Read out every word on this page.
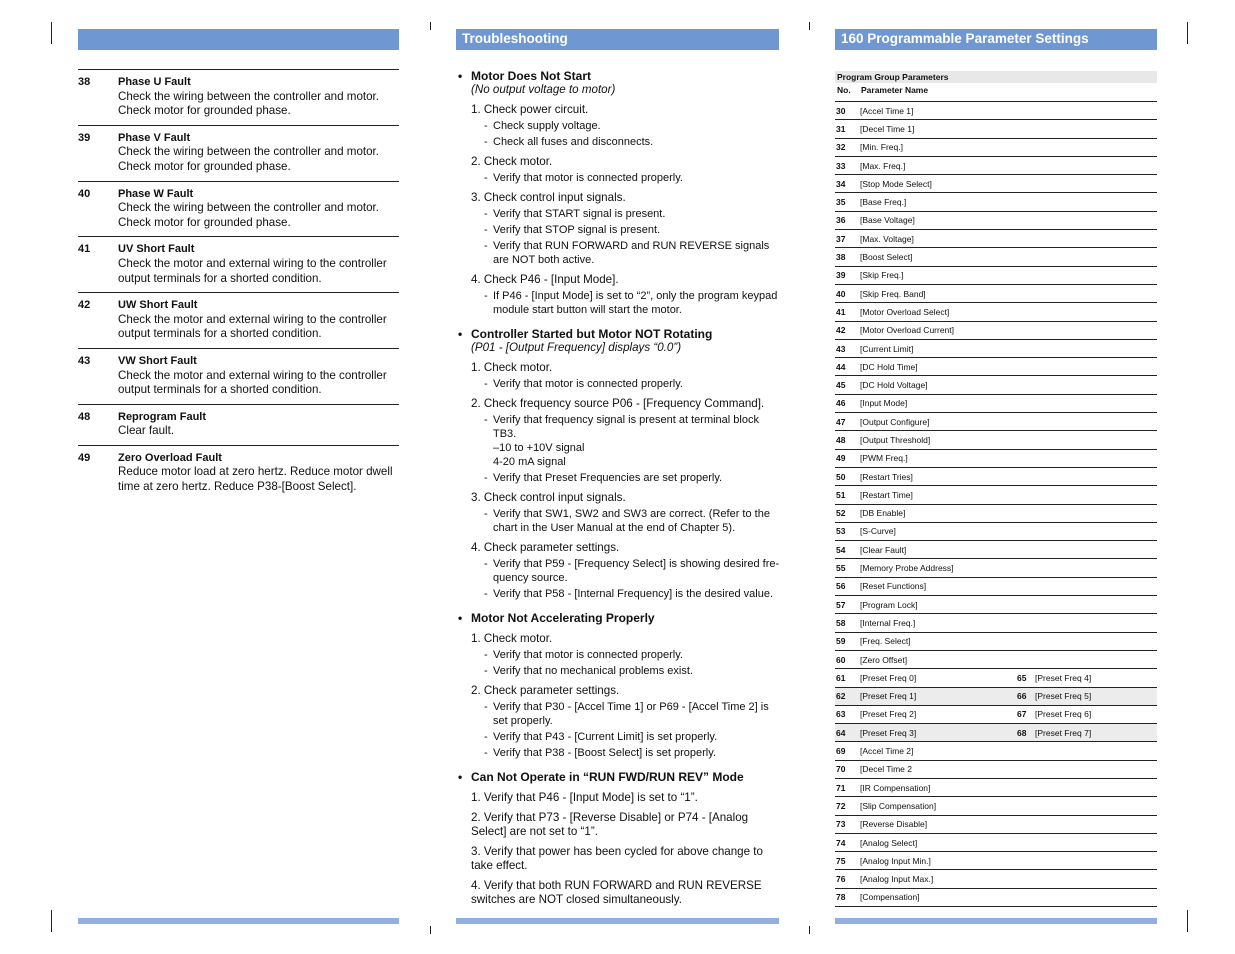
Troubleshooting	160 Programmable Parameter Settings
38	Phase U Fault
Check the wiring between the controller and motor. Check motor for grounded phase.
39	Phase V Fault
Check the wiring between the controller and motor. Check motor for grounded phase.
40	Phase W Fault
Check the wiring between the controller and motor. Check motor for grounded phase.
41	UV Short Fault
Check the motor and external wiring to the controller output terminals for a shorted condition.
42	UW Short Fault
Check the motor and external wiring to the controller output terminals for a shorted condition.
43	VW Short Fault
Check the motor and external wiring to the controller output terminals for a shorted condition.
48	Reprogram Fault
Clear fault.
49	Zero Overload Fault
Reduce motor load at zero hertz. Reduce motor dwell time at zero hertz. Reduce P38-[Boost Select].
• Motor Does Not Start
(No output voltage to motor)
1. Check power circuit.
- Check supply voltage.
- Check all fuses and disconnects.
2. Check motor.
- Verify that motor is connected properly.
3. Check control input signals.
- Verify that START signal is present.
- Verify that STOP signal is present.
- Verify that RUN FORWARD and RUN REVERSE signals are NOT both active.
4. Check P46 - [Input Mode].
- If P46 - [Input Mode] is set to “2”, only the program keypad module start button will start the motor.
• Controller Started but Motor NOT Rotating
(P01 - [Output Frequency] displays “0.0”)
1. Check motor.
- Verify that motor is connected properly.
2. Check frequency source P06 - [Frequency Command].
- Verify that frequency signal is present at terminal block TB3.
–10 to +10V signal
4-20 mA signal
- Verify that Preset Frequencies are set properly.
3. Check control input signals.
- Verify that SW1, SW2 and SW3 are correct. (Refer to the chart in the User Manual at the end of Chapter 5).
4. Check parameter settings.
- Verify that P59 - [Frequency Select] is showing desired fre-quency source.
- Verify that P58 - [Internal Frequency] is the desired value.
• Motor Not Accelerating Properly
1. Check motor.
- Verify that motor is connected properly.
- Verify that no mechanical problems exist.
2. Check parameter settings.
- Verify that P30 - [Accel Time 1] or P69 - [Accel Time 2] is set properly.
- Verify that P43 - [Current Limit] is set properly.
- Verify that P38 - [Boost Select] is set properly.
• Can Not Operate in “RUN FWD/RUN REV” Mode
1. Verify that P46 - [Input Mode] is set to “1”.
2. Verify that P73 - [Reverse Disable] or P74 - [Analog Select] are not set to “1”.
3. Verify that power has been cycled for above change to take effect.
4. Verify that both RUN FORWARD and RUN REVERSE switches are NOT closed simultaneously.
Program Group Parameters
No.	Parameter Name
30	[Accel Time 1]
31	[Decel Time 1]
32	[Min. Freq.]
33	[Max. Freq.]
34	[Stop Mode Select]
35	[Base Freq.]
36	[Base Voltage]
37	[Max. Voltage]
38	[Boost Select]
39	[Skip Freq.]
40	[Skip Freq. Band]
41	[Motor Overload Select]
42	[Motor Overload Current]
43	[Current Limit]
44	[DC Hold Time]
45	[DC Hold Voltage]
46	[Input Mode]
47	[Output Configure]
48	[Output Threshold]
49	[PWM Freq.]
50	[Restart Tries]
51	[Restart Time]
52	[DB Enable]
53	[S-Curve]
54	[Clear Fault]
55	[Memory Probe Address]
56	[Reset Functions]
57	[Program Lock]
58	[Internal Freq.]
59	[Freq. Select]
60	[Zero Offset]
61	[Preset Freq 0]	65	[Preset Freq 4]
62	[Preset Freq 1]	66	[Preset Freq 5]
63	[Preset Freq 2]	67	[Preset Freq 6]
64	[Preset Freq 3]	68	[Preset Freq 7]
69	[Accel Time 2]
70	[Decel Time 2
71	[IR Compensation]
72	[Slip Compensation]
73	[Reverse Disable]
74	[Analog Select]
75	[Analog Input Min.]
76	[Analog Input Max.]
78	[Compensation]
